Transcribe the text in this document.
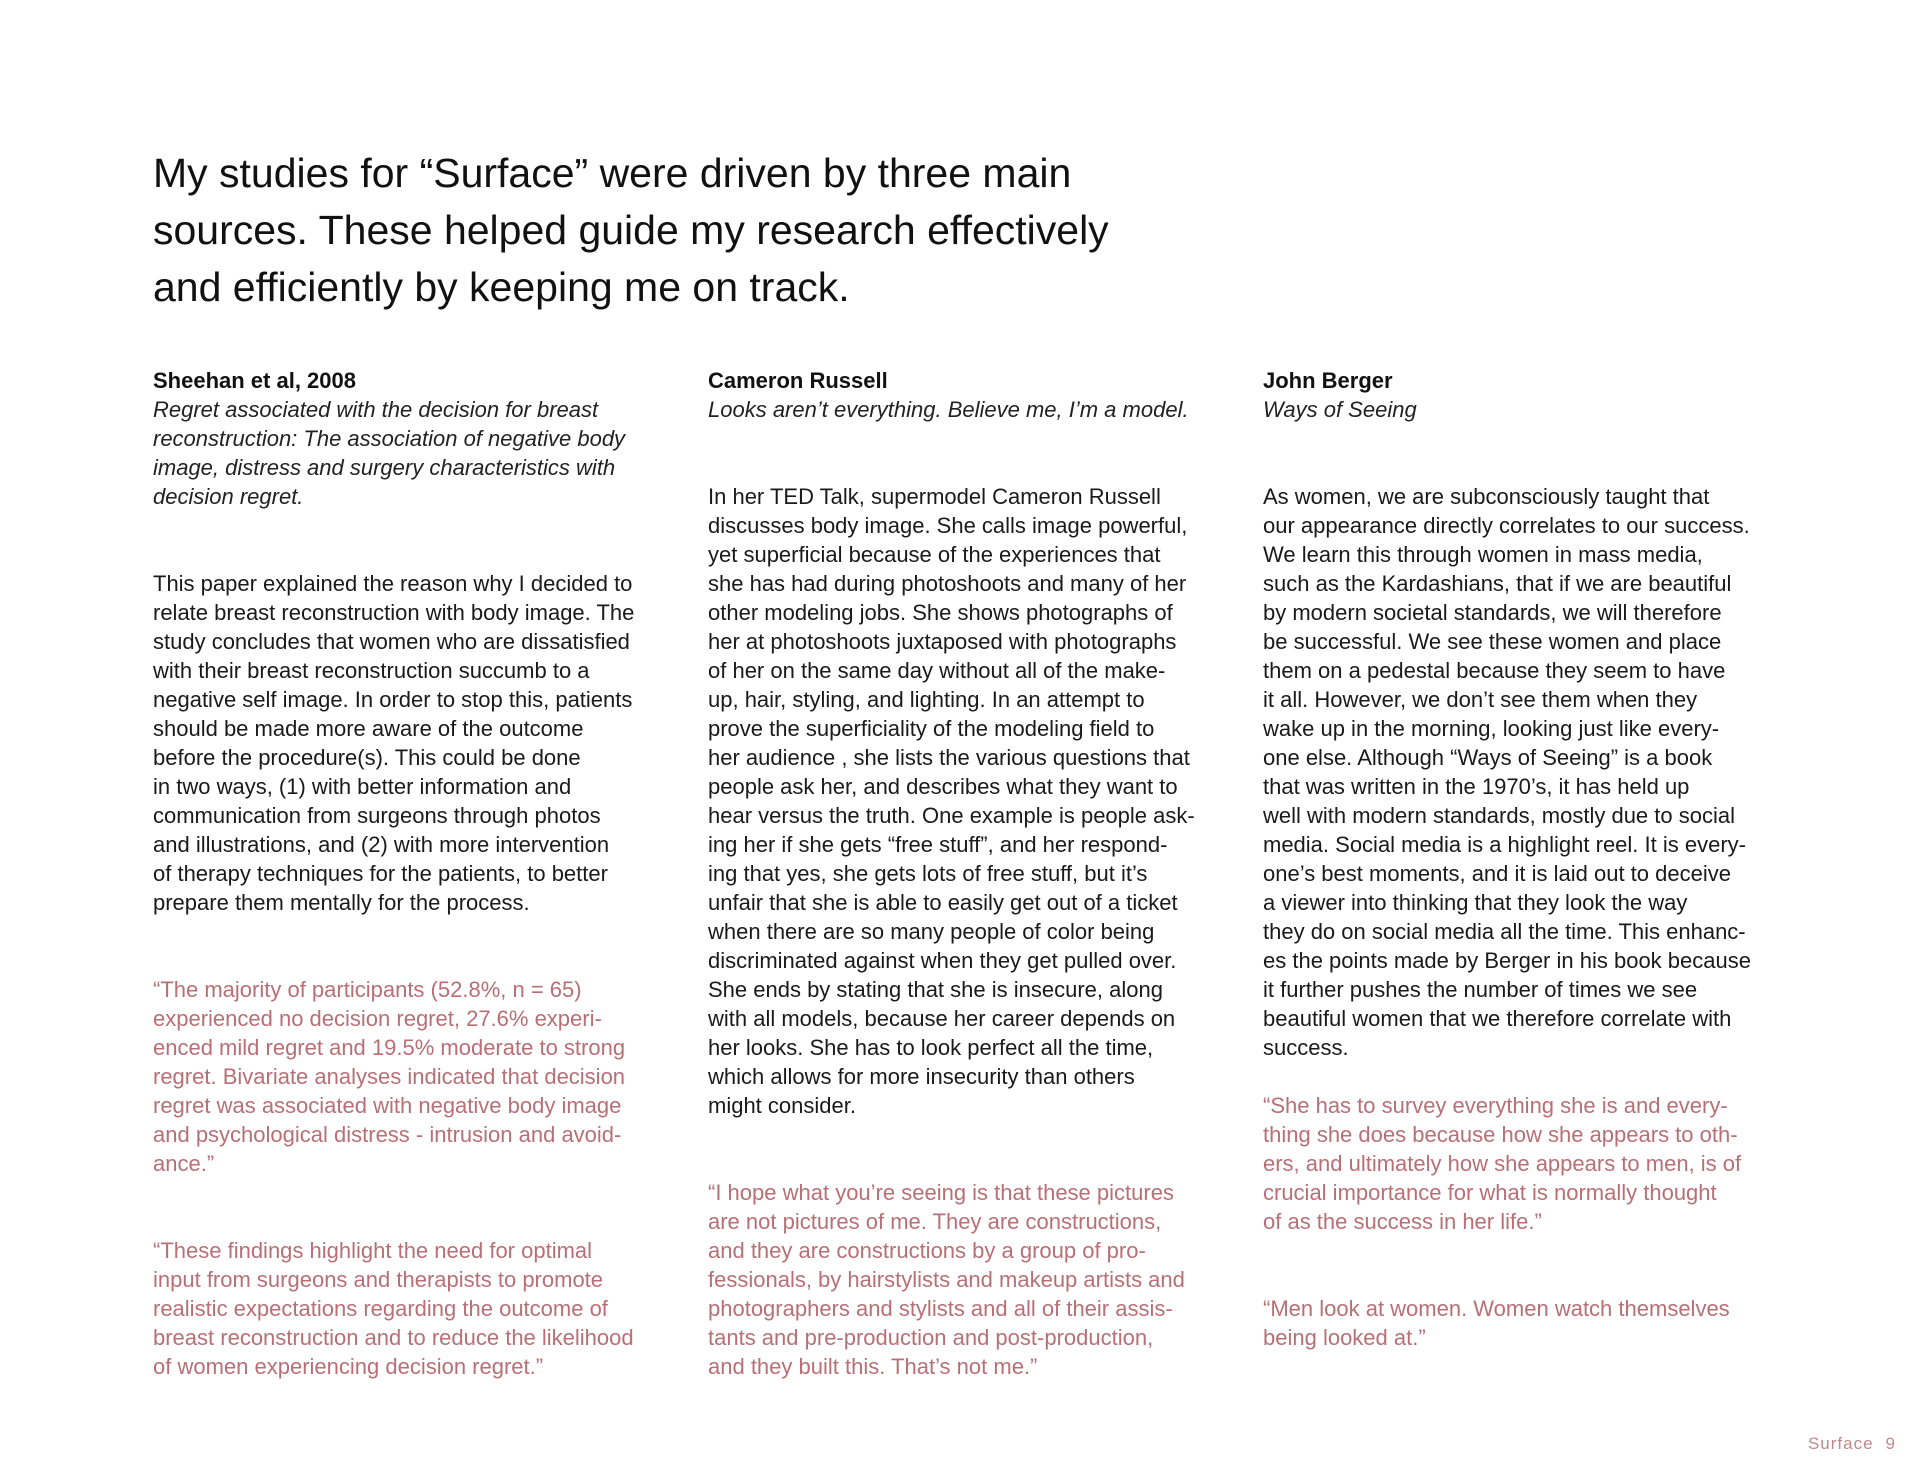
My studies for “Surface” were driven by three main
sources. These helped guide my research effectively
and efficiently by keeping me on track.

Sheehan et al, 2008

Regret associated with the decision for breast
reconstruction: The association of negative body
image, distress and surgery characteristics with
decision regret.
This paper explained the reason why I decided to
relate breast reconstruction with body image. The
study concludes that women who are dissatisfied
with their breast reconstruction succumb to a
negative self image. In order to stop this, patients
should be made more aware of the outcome
before the procedure(s). This could be done
in two ways, (1) with better information and
communication from surgeons through photos
and illustrations, and (2) with more intervention
of therapy techniques for the patients, to better
prepare them mentally for the process.
“The majority of participants (52.8%, n = 65)
experienced no decision regret, 27.6% experi-
enced mild regret and 19.5% moderate to strong
regret. Bivariate analyses indicated that decision
regret was associated with negative body image
and psychological distress - intrusion and avoid-
ance.”
“These findings highlight the need for optimal
input from surgeons and therapists to promote
realistic expectations regarding the outcome of
breast reconstruction and to reduce the likelihood
of women experiencing decision regret.”

Cameron Russell

Looks aren’t everything. Believe me, I’m a model.
In her TED Talk, supermodel Cameron Russell
discusses body image. She calls image powerful,
yet superficial because of the experiences that
she has had during photoshoots and many of her
other modeling jobs. She shows photographs of
her at photoshoots juxtaposed with photographs
of her on the same day without all of the make-
up, hair, styling, and lighting. In an attempt to
prove the superficiality of the modeling field to
her audience , she lists the various questions that
people ask her, and describes what they want to
hear versus the truth. One example is people ask-
ing her if she gets “free stuff”, and her respond-
ing that yes, she gets lots of free stuff, but it’s
unfair that she is able to easily get out of a ticket
when there are so many people of color being
discriminated against when they get pulled over.
She ends by stating that she is insecure, along
with all models, because her career depends on
her looks. She has to look perfect all the time,
which allows for more insecurity than others
might consider.
“I hope what you’re seeing is that these pictures
are not pictures of me. They are constructions,
and they are constructions by a group of pro-
fessionals, by hairstylists and makeup artists and
photographers and stylists and all of their assis-
tants and pre-production and post-production,
and they built this. That’s not me.”

John Berger

Ways of Seeing
As women, we are subconsciously taught that
our appearance directly correlates to our success.
We learn this through women in mass media,
such as the Kardashians, that if we are beautiful
by modern societal standards, we will therefore
be successful. We see these women and place
them on a pedestal because they seem to have
it all. However, we don’t see them when they
wake up in the morning, looking just like every-
one else. Although “Ways of Seeing” is a book
that was written in the 1970’s, it has held up
well with modern standards, mostly due to social
media. Social media is a highlight reel. It is every-
one’s best moments, and it is laid out to deceive
a viewer into thinking that they look the way
they do on social media all the time. This enhanc-
es the points made by Berger in his book because
it further pushes the number of times we see
beautiful women that we therefore correlate with
success.
“She has to survey everything she is and every-
thing she does because how she appears to oth-
ers, and ultimately how she appears to men, is of
crucial importance for what is normally thought
of as the success in her life.”
“Men look at women. Women watch themselves
being looked at.”
Surface 9
